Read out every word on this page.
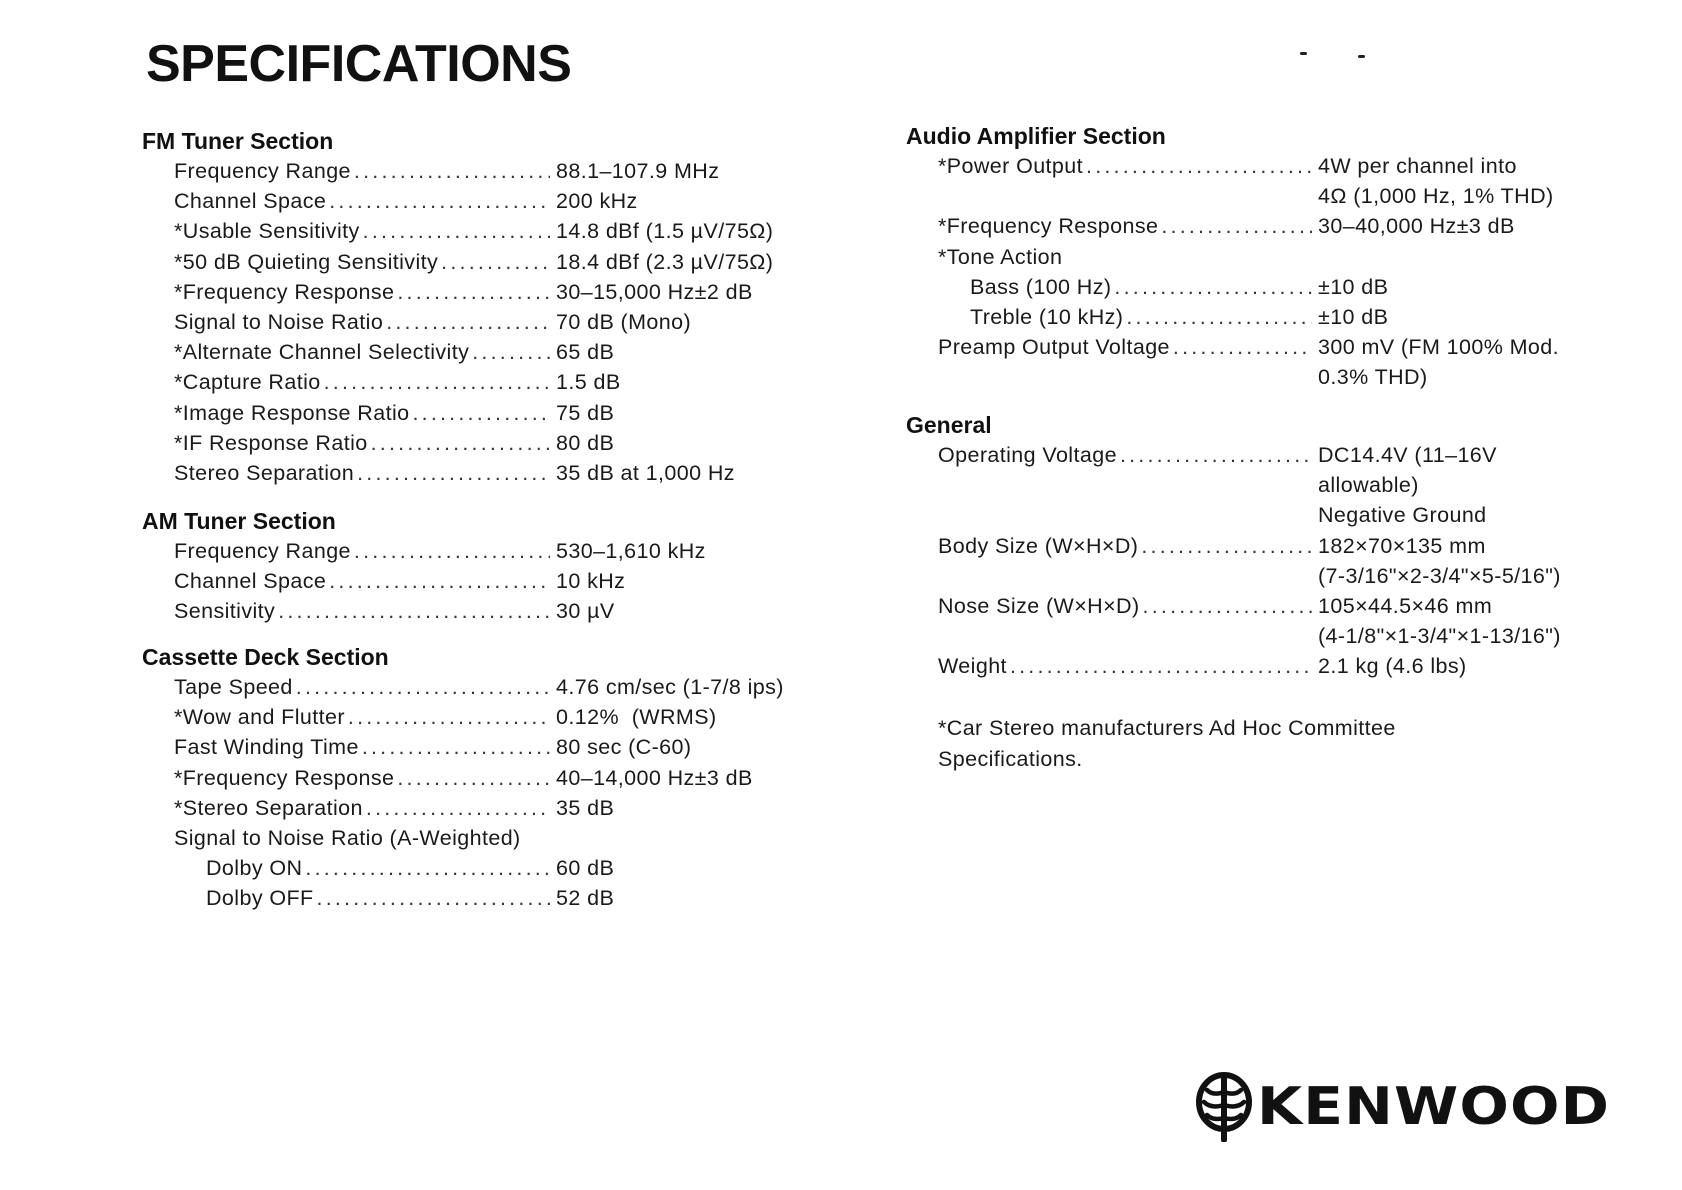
SPECIFICATIONS
FM Tuner Section
Frequency Range .....	88.1–107.9 MHz
Channel Space .....	200 kHz
*Usable Sensitivity .....	14.8 dBf (1.5 µV/75Ω)
*50 dB Quieting Sensitivity .....	18.4 dBf (2.3 µV/75Ω)
*Frequency Response .....	30–15,000 Hz±2 dB
Signal to Noise Ratio .....	70 dB (Mono)
*Alternate Channel Selectivity .....	65 dB
*Capture Ratio .....	1.5 dB
*Image Response Ratio .....	75 dB
*IF Response Ratio .....	80 dB
Stereo Separation .....	35 dB at 1,000 Hz
AM Tuner Section
Frequency Range .....	530–1,610 kHz
Channel Space .....	10 kHz
Sensitivity .....	30 µV
Cassette Deck Section
Tape Speed .....	4.76 cm/sec (1-7/8 ips)
*Wow and Flutter .....	0.12%  (WRMS)
Fast Winding Time .....	80 sec (C-60)
*Frequency Response .....	40–14,000 Hz±3 dB
*Stereo Separation .....	35 dB
Signal to Noise Ratio (A-Weighted)
Dolby ON .....	60 dB
Dolby OFF .....	52 dB
Audio Amplifier Section
*Power Output .....	4W per channel into
4Ω (1,000 Hz, 1% THD)
*Frequency Response .....	30–40,000 Hz±3 dB
*Tone Action
Bass (100 Hz) .....	±10 dB
Treble (10 kHz) .....	±10 dB
Preamp Output Voltage .....	300 mV (FM 100% Mod.
0.3% THD)
General
Operating Voltage .....	DC14.4V (11–16V
allowable)
Negative Ground
Body Size (W×H×D) .....	182×70×135 mm
(7-3/16"×2-3/4"×5-5/16")
Nose Size (W×H×D) .....	105×44.5×46 mm
(4-1/8"×1-3/4"×1-13/16")
Weight .....	2.1 kg (4.6 lbs)

*Car Stereo manufacturers Ad Hoc Committee Specifications.

KENWOOD
